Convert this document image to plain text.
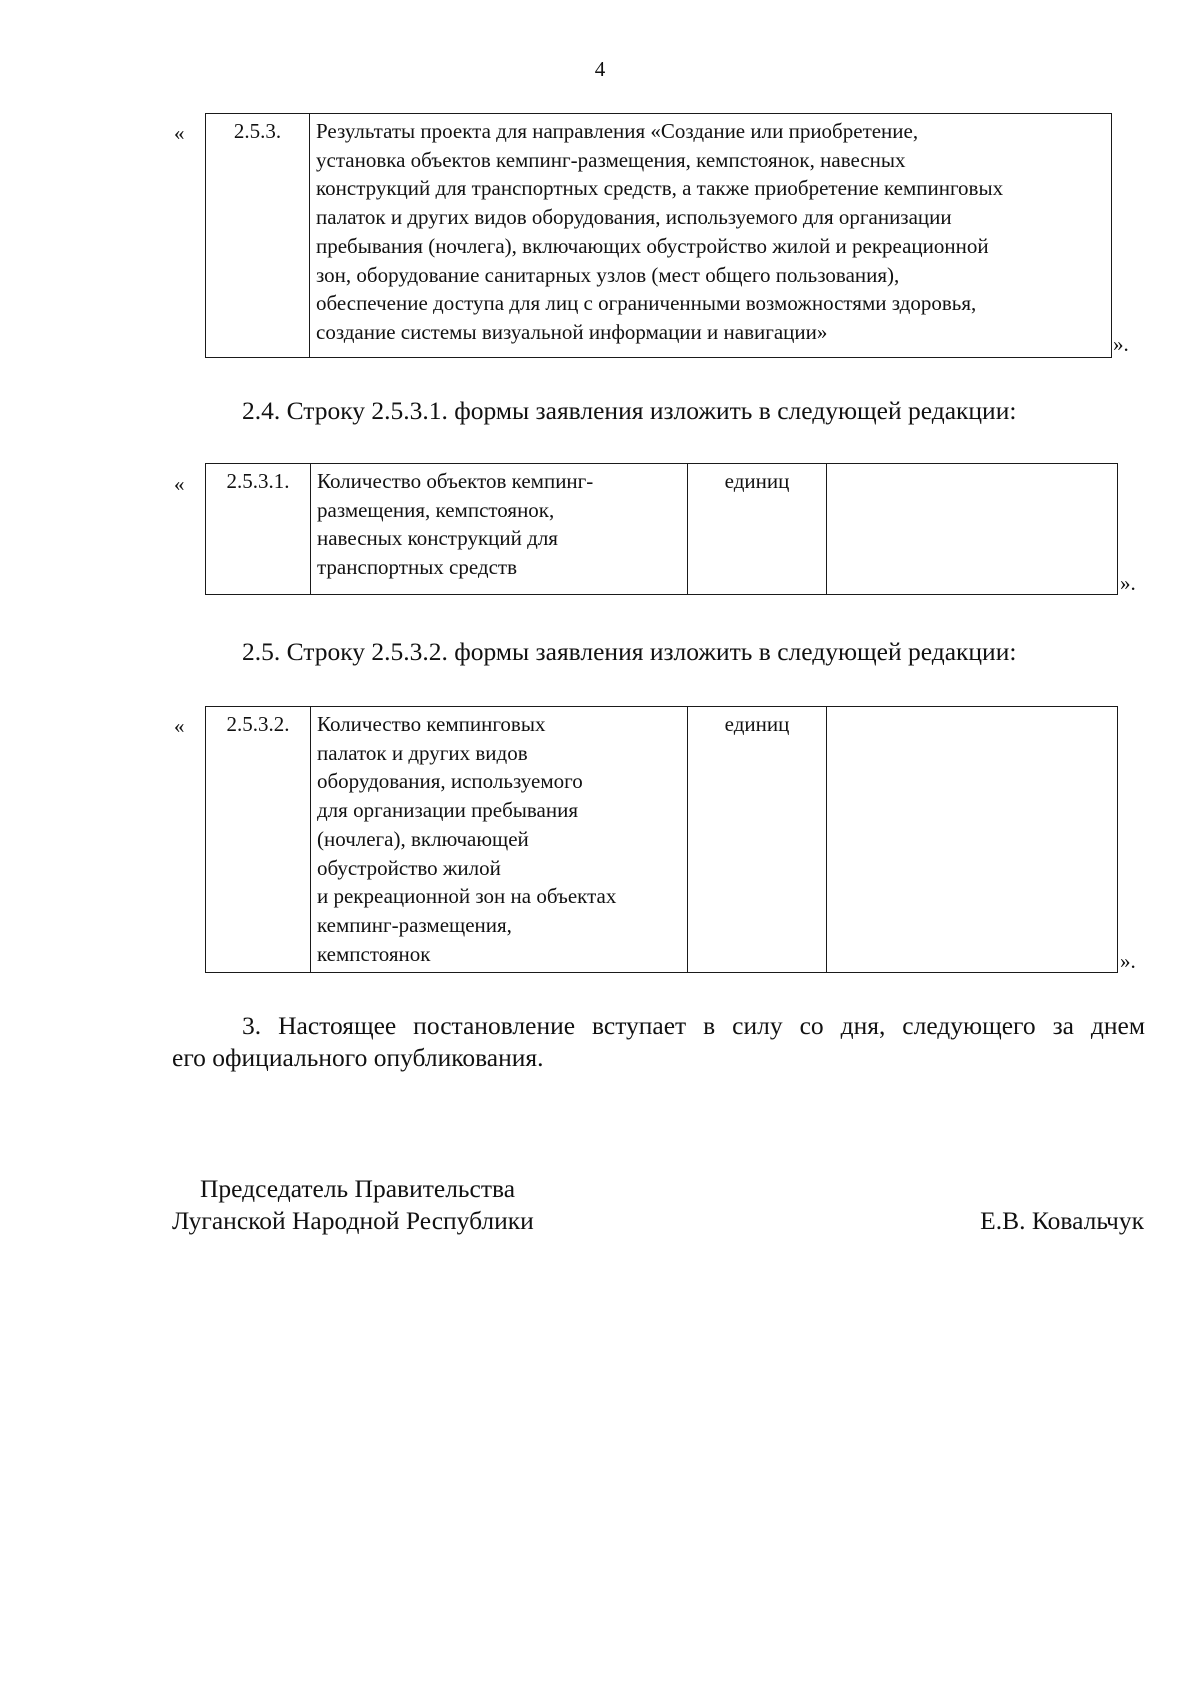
4
« 2.5.3.	Результаты проекта для направления «Создание или приобретение,
установка объектов кемпинг-размещения, кемпстоянок, навесных
конструкций для транспортных средств, а также приобретение кемпинговых
палаток и других видов оборудования, используемого для организации
пребывания (ночлега), включающих обустройство жилой и рекреационной
зон, оборудование санитарных узлов (мест общего пользования),
обеспечение доступа для лиц с ограниченными возможностями здоровья,
создание системы визуальной информации и навигации»
».
2.4. Строку 2.5.3.1. формы заявления изложить в следующей редакции:
« 2.5.3.1.	Количество объектов кемпинг-
размещения, кемпстоянок,
навесных конструкций для
транспортных средств
	единиц	
».
2.5. Строку 2.5.3.2. формы заявления изложить в следующей редакции:
« 2.5.3.2.	Количество кемпинговых
палаток и других видов
оборудования, используемого
для организации пребывания
(ночлега), включающей
обустройство жилой
и рекреационной зон на объектах
кемпинг-размещения,
кемпстоянок
	единиц	
».
3. Настоящее постановление вступает в силу со дня, следующего за днем
его официального опубликования.
Председатель Правительства
Луганской Народной Республики	Е.В. Ковальчук
